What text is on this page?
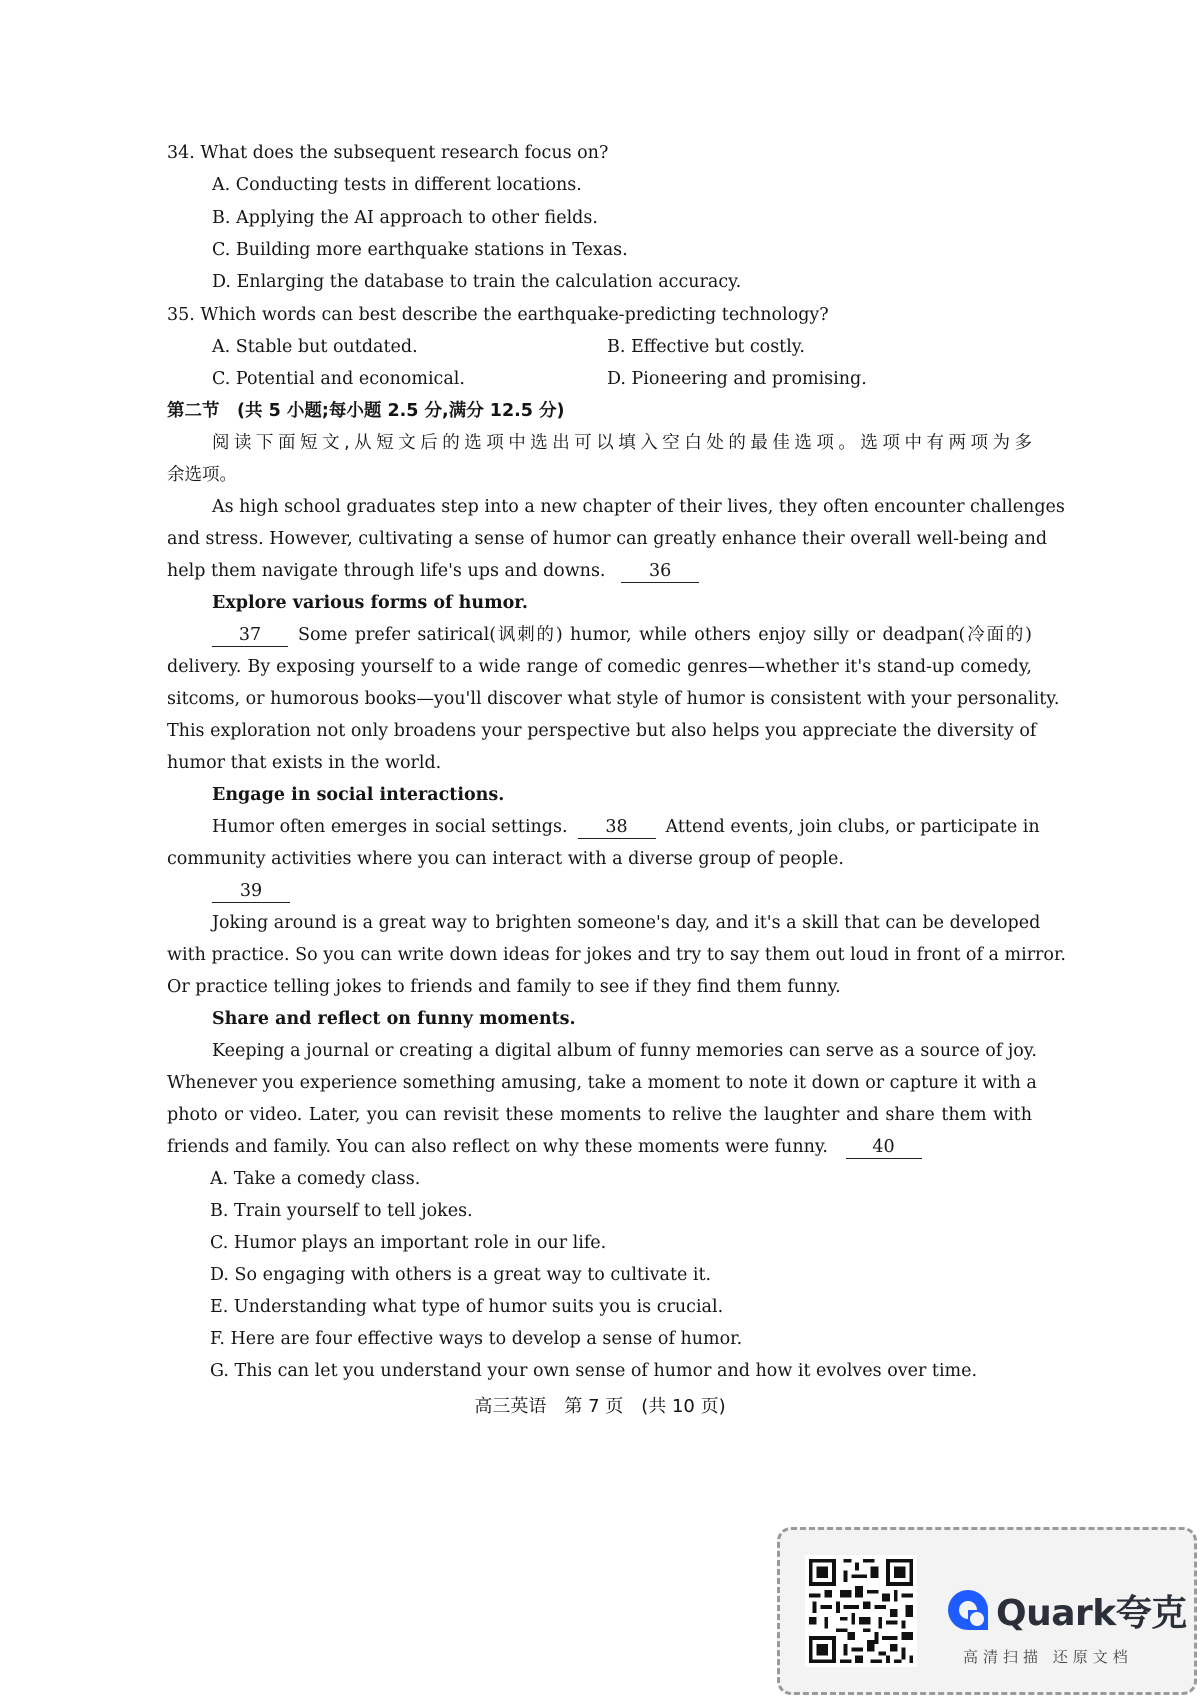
34. What does the subsequent research focus on?
A. Conducting tests in different locations.
B. Applying the AI approach to other fields.
C. Building more earthquake stations in Texas.
D. Enlarging the database to train the calculation accuracy.
35. Which words can best describe the earthquake-predicting technology?
A. Stable but outdated.	B. Effective but costly.
C. Potential and economical.	D. Pioneering and promising.
第二节　(共 5 小题;每小题 2.5 分,满分 12.5 分)
阅读下面短文,从短文后的选项中选出可以填入空白处的最佳选项。选项中有两项为多
余选项。
As high school graduates step into a new chapter of their lives, they often encounter challenges
and stress. However, cultivating a sense of humor can greatly enhance their overall well-being and
help them navigate through life's ups and downs. 36
Explore various forms of humor.
37	Some prefer satirical(讽刺的) humor, while others enjoy silly or deadpan(冷面的)
delivery. By exposing yourself to a wide range of comedic genres—whether it's stand-up comedy,
sitcoms, or humorous books—you'll discover what style of humor is consistent with your personality.
This exploration not only broadens your perspective but also helps you appreciate the diversity of
humor that exists in the world.
Engage in social interactions.
Humor often emerges in social settings.	38	Attend events, join clubs, or participate in
community activities where you can interact with a diverse group of people.
39
Joking around is a great way to brighten someone's day, and it's a skill that can be developed
with practice. So you can write down ideas for jokes and try to say them out loud in front of a mirror.
Or practice telling jokes to friends and family to see if they find them funny.
Share and reflect on funny moments.
Keeping a journal or creating a digital album of funny memories can serve as a source of joy.
Whenever you experience something amusing, take a moment to note it down or capture it with a
photo or video. Later, you can revisit these moments to relive the laughter and share them with
friends and family. You can also reflect on why these moments were funny.	40
A. Take a comedy class.
B. Train yourself to tell jokes.
C. Humor plays an important role in our life.
D. So engaging with others is a great way to cultivate it.
E. Understanding what type of humor suits you is crucial.
F. Here are four effective ways to develop a sense of humor.
G. This can let you understand your own sense of humor and how it evolves over time.
高三英语　第 7 页　(共 10 页)
Quark夸克
高清扫描 还原文档
